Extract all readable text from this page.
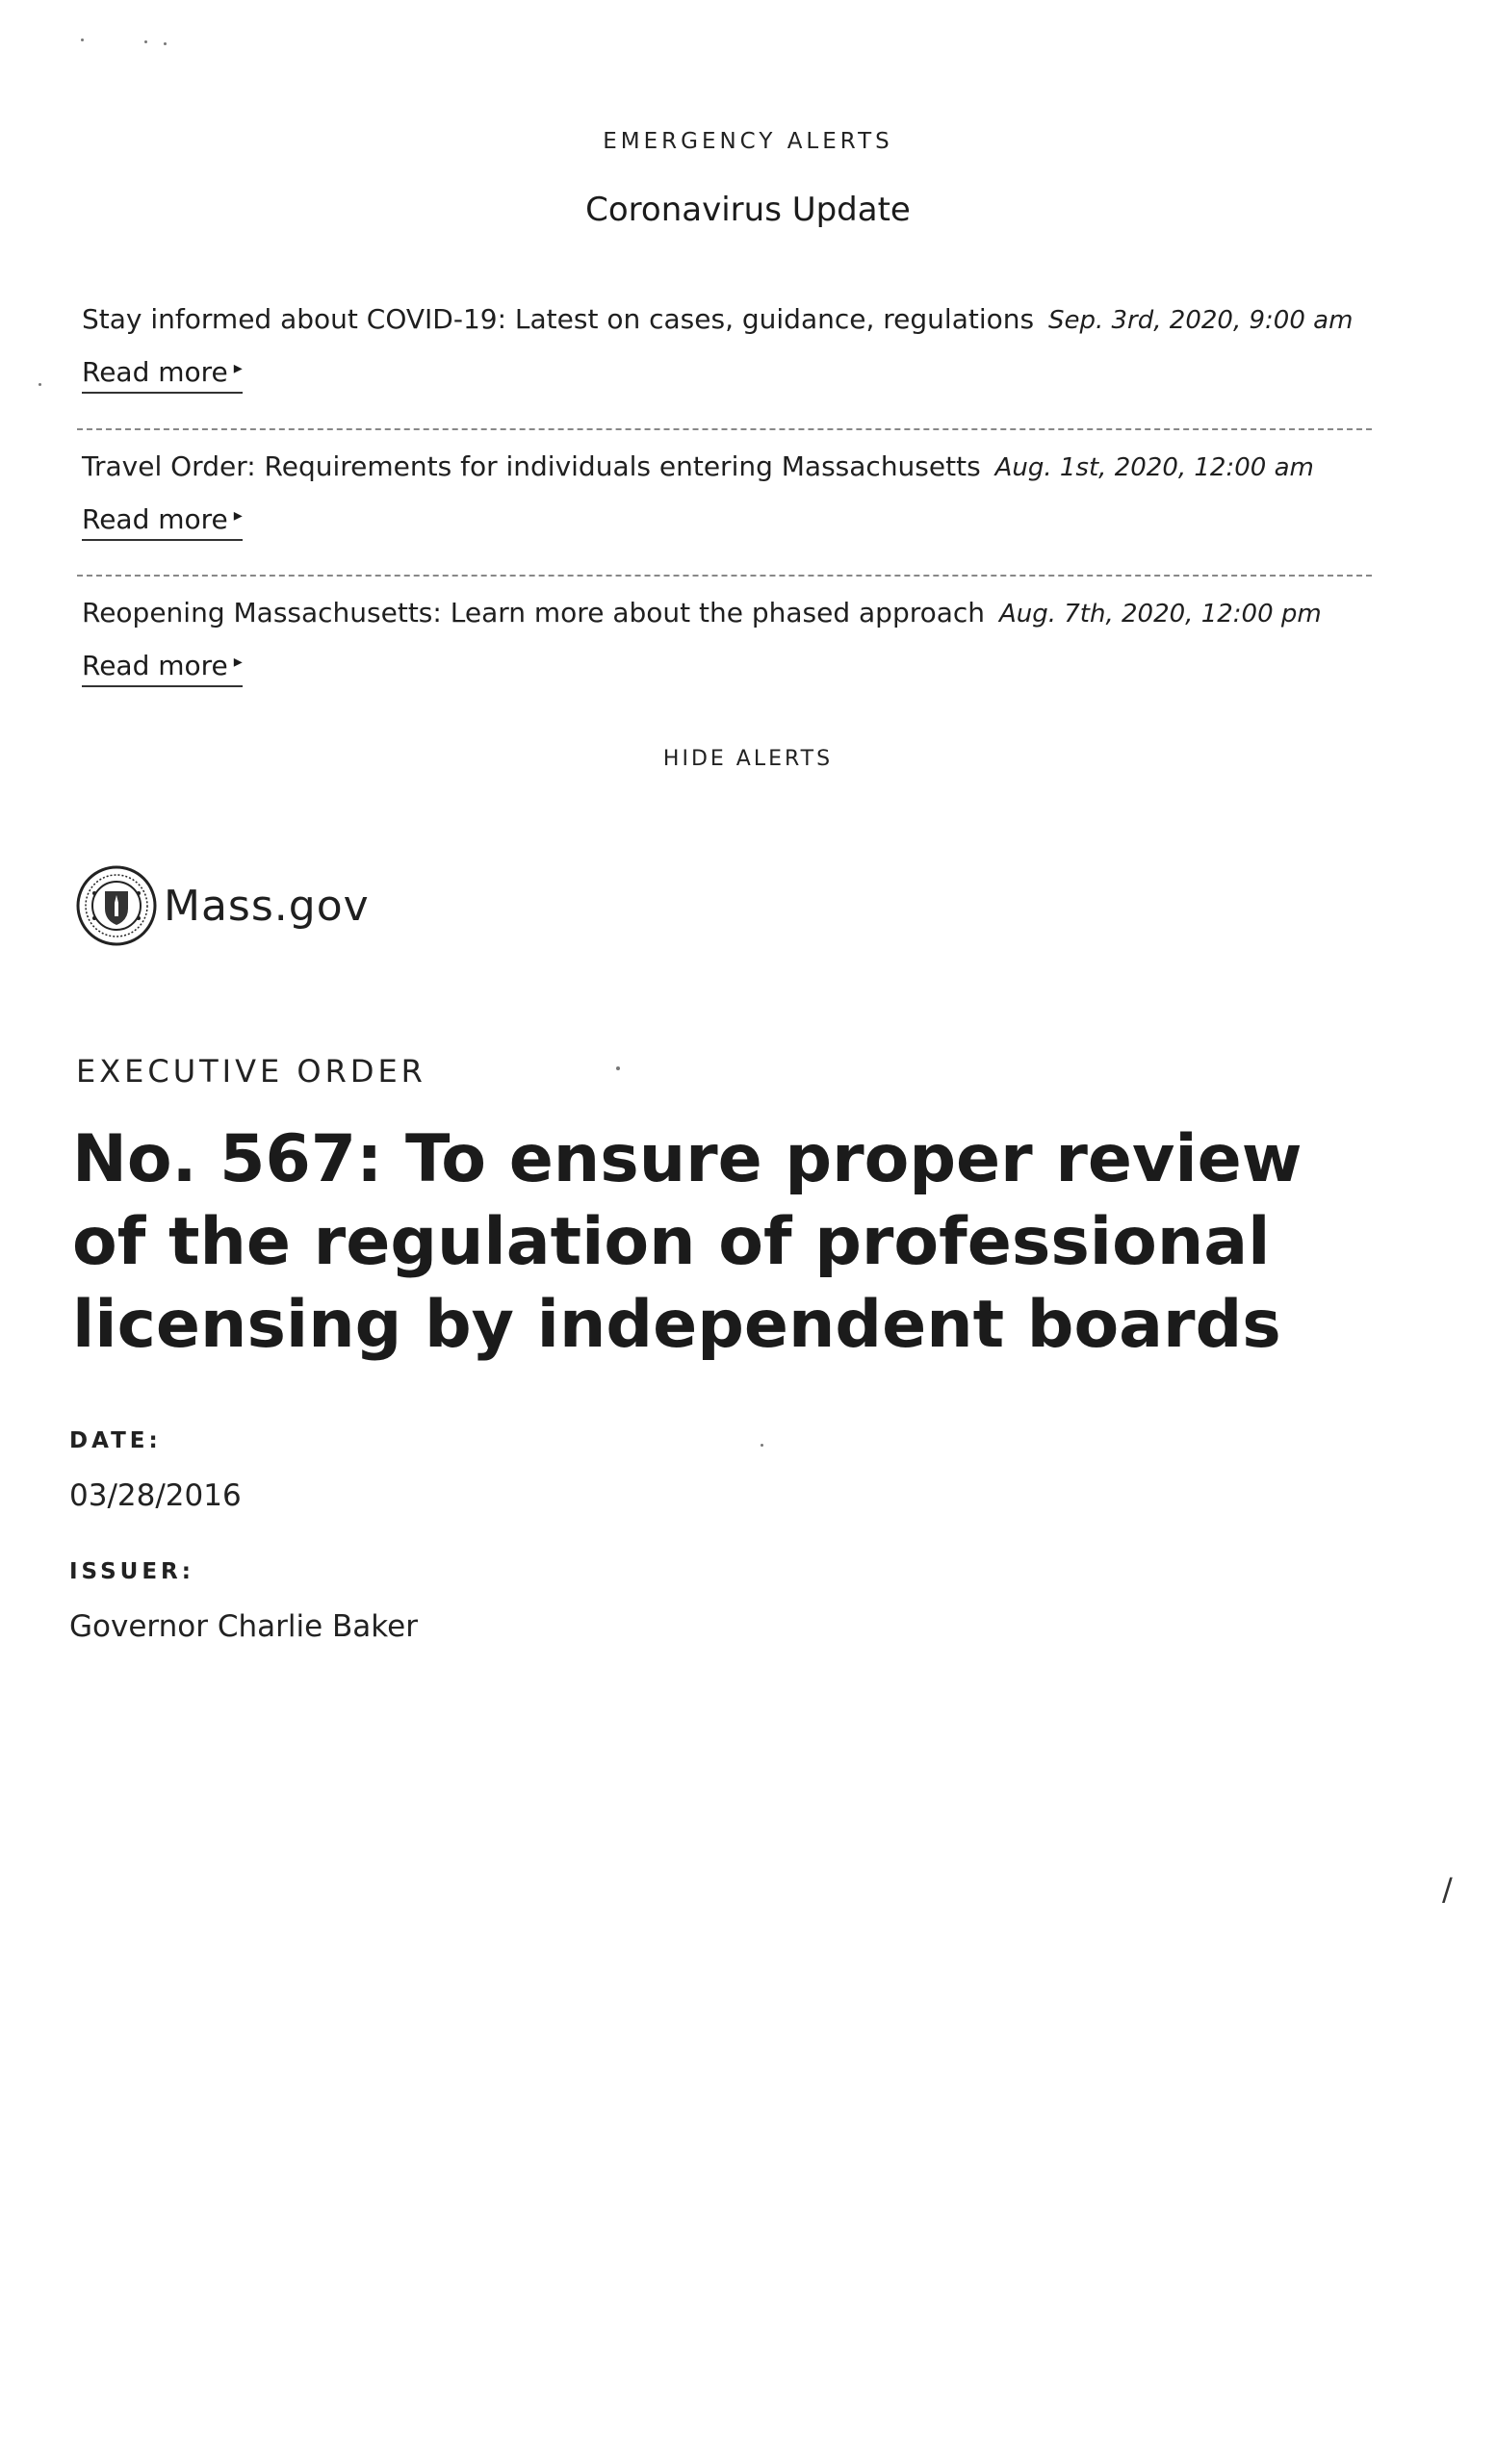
EMERGENCY ALERTS
Coronavirus Update
Stay informed about COVID-19: Latest on cases, guidance, regulations Sep. 3rd, 2020, 9:00 am
Read more ▸
Travel Order: Requirements for individuals entering Massachusetts Aug. 1st, 2020, 12:00 am
Read more ▸
Reopening Massachusetts: Learn more about the phased approach Aug. 7th, 2020, 12:00 pm
Read more ▸
HIDE ALERTS
Mass.gov
EXECUTIVE ORDER
No. 567: To ensure proper review of the regulation of professional licensing by independent boards
DATE:
03/28/2016
ISSUER:
Governor Charlie Baker
/
